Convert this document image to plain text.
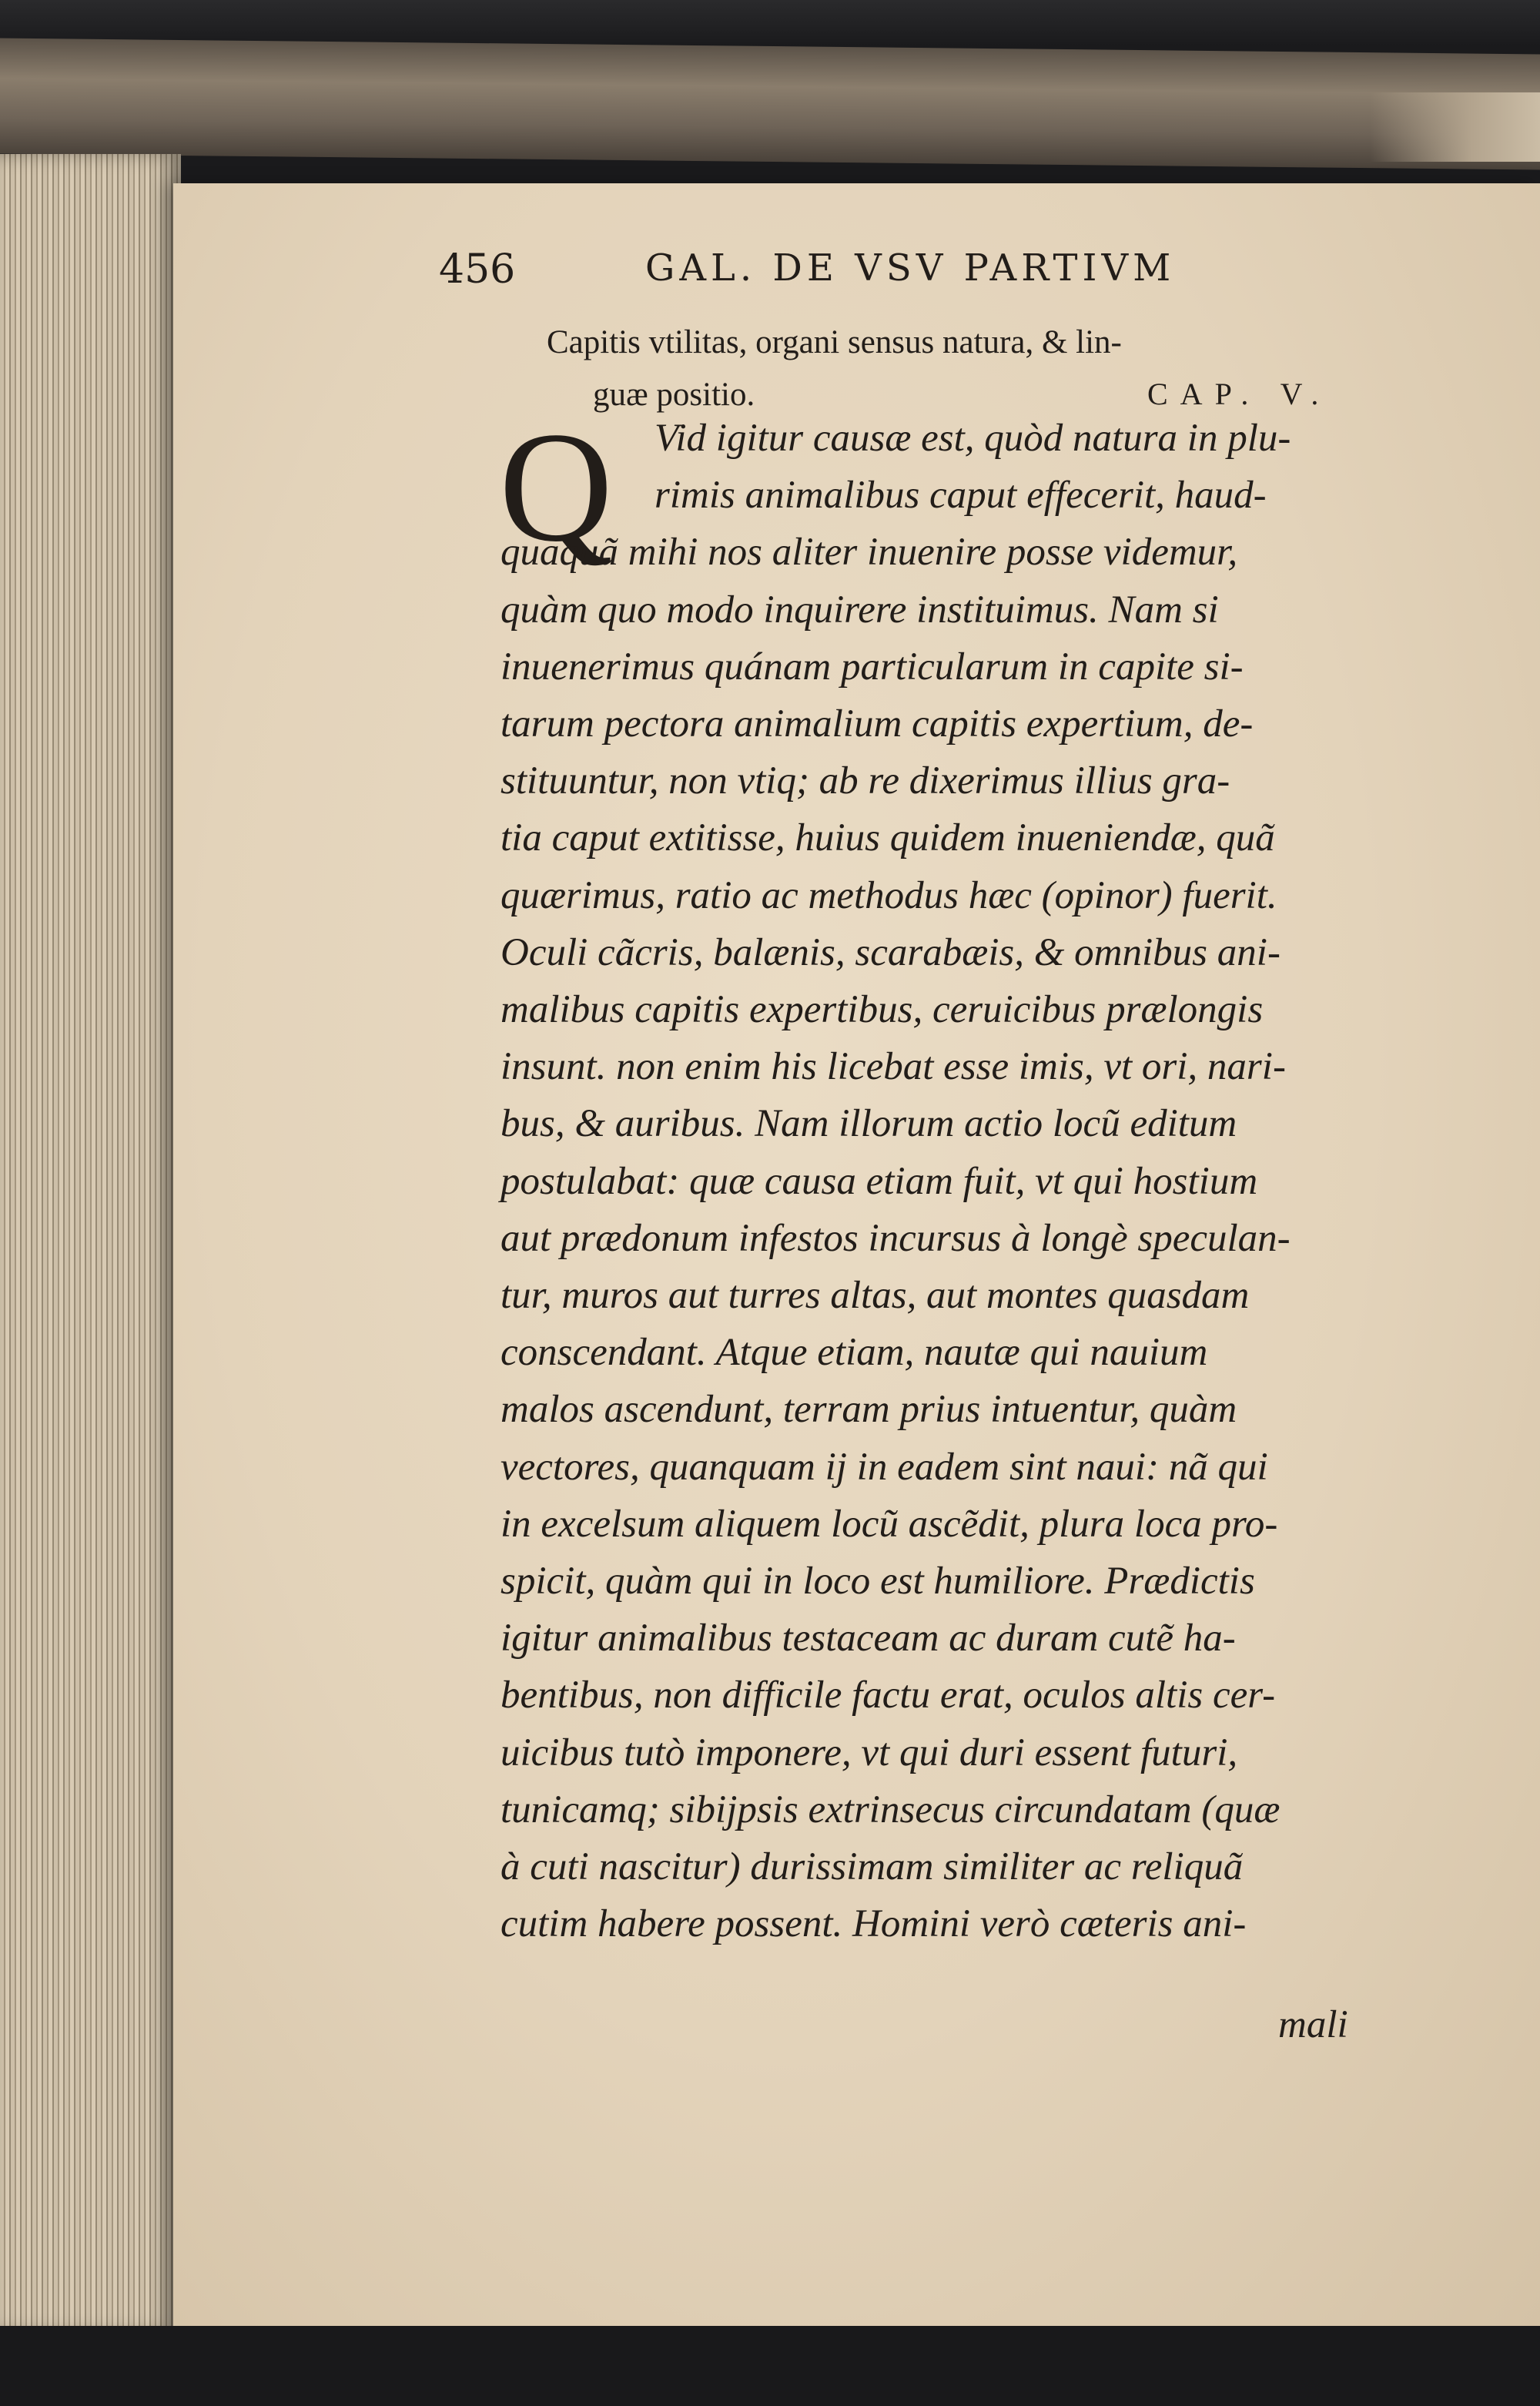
456	GAL. DE VSV PARTIVM
Capitis vtilitas, organi sensus natura, & lin-
guæ positio.	CAP. V.
Q Vid igitur causæ est, quòd natura in plu-
rimis animalibus caput effecerit, haud-
quaquã mihi nos aliter inuenire posse videmur,
quàm quo modo inquirere instituimus. Nam si
inuenerimus quánam particularum in capite si-
tarum pectora animalium capitis expertium, de-
stituuntur, non vtiq; ab re dixerimus illius gra-
tia caput extitisse, huius quidem inueniendæ, quã
quærimus, ratio ac methodus hæc (opinor) fuerit.
Oculi cãcris, balænis, scarabæis, & omnibus ani-
malibus capitis expertibus, ceruicibus prælongis
insunt. non enim his licebat esse imis, vt ori, nari-
bus, & auribus. Nam illorum actio locũ editum
postulabat: quæ causa etiam fuit, vt qui hostium
aut prædonum infestos incursus à longè speculan-
tur, muros aut turres altas, aut montes quasdam
conscendant. Atque etiam, nautæ qui nauium
malos ascendunt, terram prius intuentur, quàm
vectores, quanquam ij in eadem sint naui: nã qui
in excelsum aliquem locũ ascẽdit, plura loca pro-
spicit, quàm qui in loco est humiliore. Prædictis
igitur animalibus testaceam ac duram cutẽ ha-
bentibus, non difficile factu erat, oculos altis cer-
uicibus tutò imponere, vt qui duri essent futuri,
tunicamq; sibijpsis extrinsecus circundatam (quæ
à cuti nascitur) durissimam similiter ac reliquã
cutim habere possent. Homini verò cæteris ani-
mali
